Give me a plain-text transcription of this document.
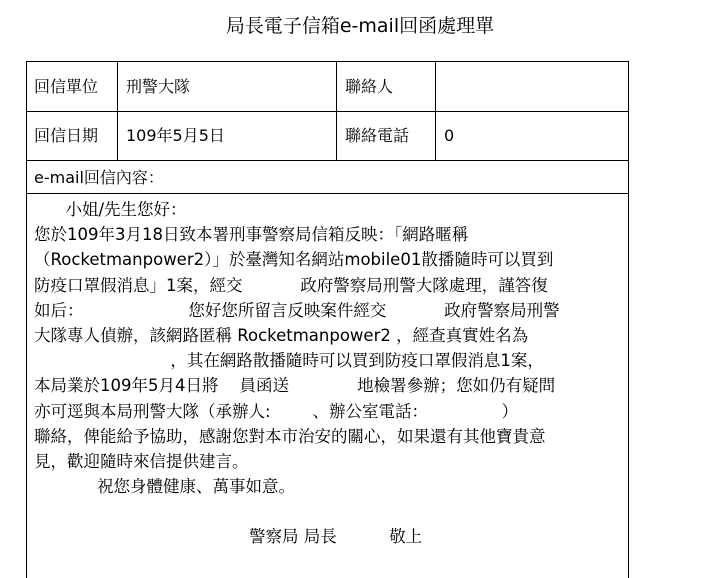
局長電子信箱e-mail回函處理單
回信單位 刑警大隊	聯絡人
回信日期 109年5月5日	聯絡電話 0
e-mail回信內容：
小姐/先生您好：
您於109年3月18日致本署刑事警察局信箱反映：「網路暱稱
（Rocketmanpower2）」於臺灣知名網站mobile01散播隨時可以買到
防疫口罩假消息」1案，經交           政府警察局刑警大隊處理，謹答復
如后：                    您好您所留言反映案件經交           政府警察局刑警
大隊專人偵辦，該網路匿稱 Rocketmanpower2 ，經查真實姓名為
，其在網路散播隨時可以買到防疫口罩假消息1案，
本局業於109年5月4日將    員函送             地檢署參辦；您如仍有疑問
亦可逕與本局刑警大隊（承辦人:        、辦公室電話：              ）
聯絡，俾能給予協助，感謝您對本市治安的關心，如果還有其他寶貴意
見，歡迎隨時來信提供建言。
祝您身體健康、萬事如意。
警察局 局長          敬上
